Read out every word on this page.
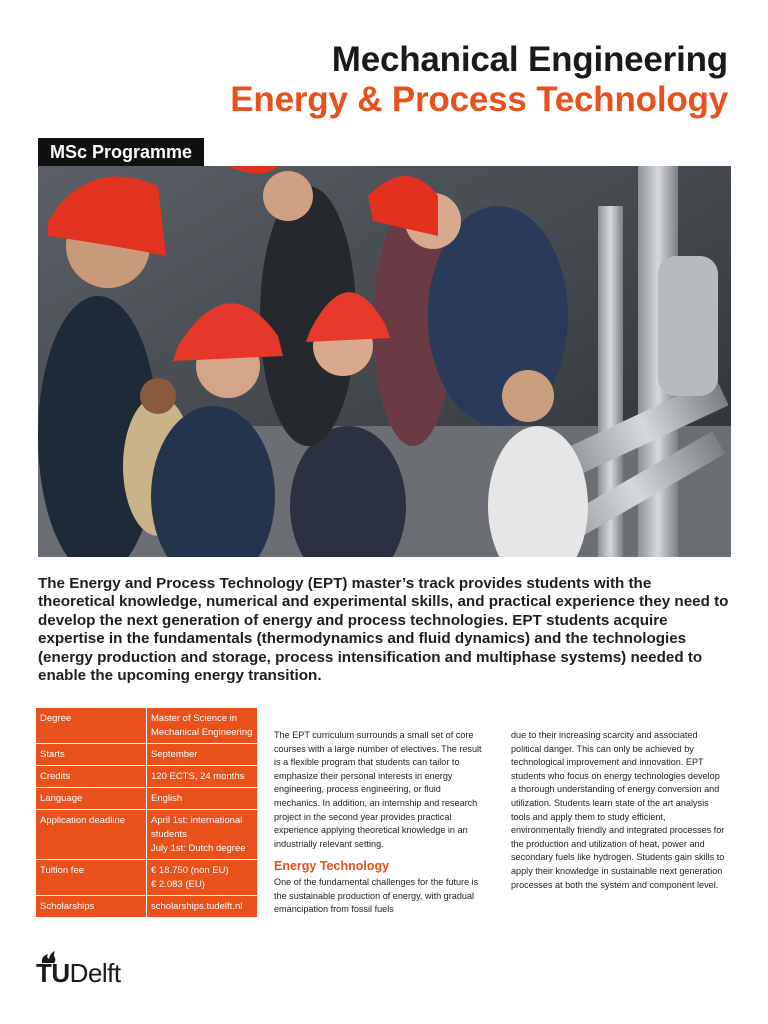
Mechanical Engineering
Energy & Process Technology
MSc Programme

The Energy and Process Technology (EPT) master’s track provides students with the theoretical knowledge, numerical and experimental skills, and practical experience they need to develop the next generation of energy and process technologies. EPT students acquire expertise in the fundamentals (thermodynamics and fluid dynamics) and the technologies (energy production and storage, process intensification and multiphase systems) needed to enable the upcoming energy transition.

Degree	Master of Science in Mechanical Engineering
Starts	September
Credits	120 ECTS, 24 months
Language	English
Application deadline	April 1st: international students
July 1st: Dutch degree
Tuition fee	€ 18.750 (non EU)
€ 2.083 (EU)
Scholarships	scholarships.tudelft.nl

The EPT curriculum surrounds a small set of core courses with a large number of electives. The result is a flexible program that students can tailor to emphasize their personal interests in energy engineering, process engineering, or fluid mechanics. In addition, an internship and research project in the second year provides practical experience applying theoretical knowledge in an industrially relevant setting.

Energy Technology

One of the fundamental challenges for the future is the sustainable production of energy, with gradual emancipation from fossil fuels

due to their increasing scarcity and associated political danger. This can only be achieved by technological improvement and innovation. EPT students who focus on energy technologies develop a thorough understanding of energy conversion and utilization. Students learn state of the art analysis tools and apply them to study efficient, environmentally friendly and integrated processes for the production and utilization of heat, power and secondary fuels like hydrogen. Students gain skills to apply their knowledge in sustainable next generation processes at both the system and component level.

TUDelft
